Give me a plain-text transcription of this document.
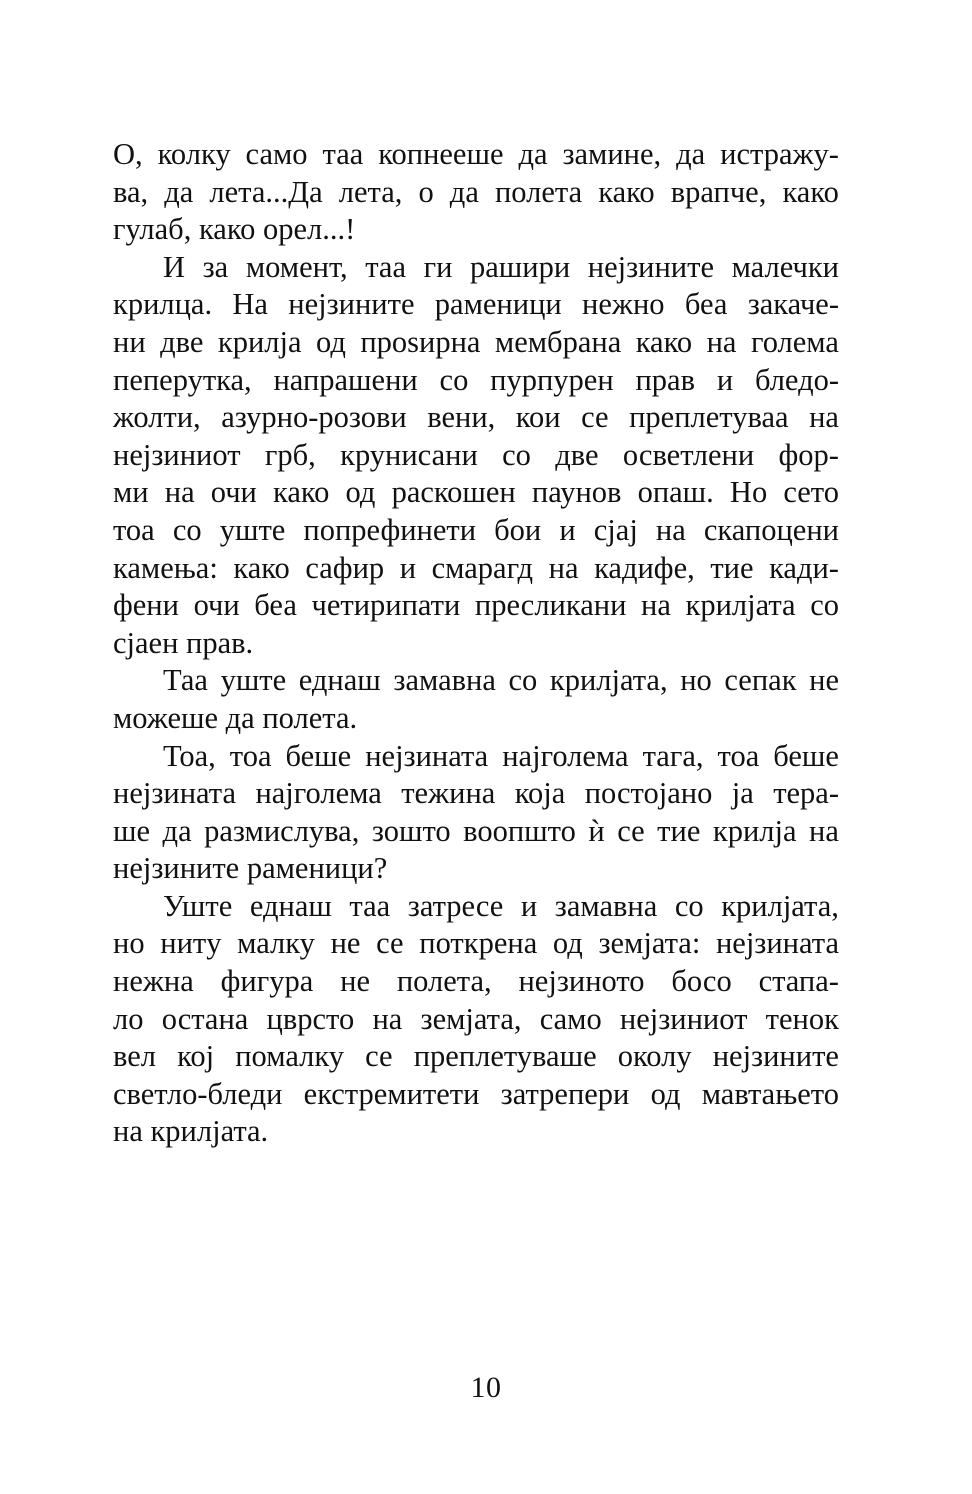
О, колку само таа копнееше да замине, да истражу-
ва, да лета...Да лета, о да полета како врапче, како
гулаб, како орел...!
И за момент, таа ги рашири нејзините малечки
крилца. На нејзините раменици нежно беа закаче-
ни две крилја од проѕирна мембрана како на голема
пеперутка, напрашени со пурпурен прав и бледо-
жолти, азурно-розови вени, кои се преплетуваа на
нејзиниот грб, крунисани со две осветлени фор-
ми на очи како од раскошен паунов опаш. Но сето
тоа со уште попрефинети бои и сјај на скапоцени
камења: како сафир и смарагд на кадифе, тие кади-
фени очи беа четирипати пресликани на крилјата со
сјаен прав.
Таа уште еднаш замавна со крилјата, но сепак не
можеше да полета.
Тоа, тоа беше нејзината најголема тага, тоа беше
нејзината најголема тежина која постојано ја тера-
ше да размислува, зошто воопшто ѝ се тие крилја на
нејзините раменици?
Уште еднаш таа затресе и замавна со крилјата,
но нитy малку не се поткрена од земјата: нејзината
нежна фигура не полета, нејзиното босо стапа-
ло остана цврсто на земјата, само нејзиниот тенок
вел кој помалку се преплетуваше околу нејзините
светло-бледи екстремитети затрепери од мавтањето
на крилјата.
10
